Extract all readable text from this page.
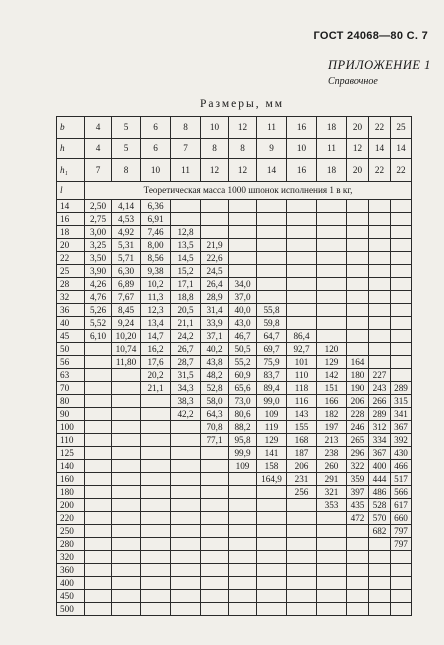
ГОСТ 24068—80 С. 7
ПРИЛОЖЕНИЕ 1
Справочное
Размеры, мм
b	4	5	6	8	10	12	11	16	18	20	22	25
h	4	5	6	7	8	8	9	10	11	12	14	14
h₁	7	8	10	11	12	12	14	16	18	20	22	22
l	Теоретическая масса 1000 шпонок исполнения 1 в кг,											
14	2,50	4,14	6,36									
16	2,75	4,53	6,91									
18	3,00	4,92	7,46	12,8								
20	3,25	5,31	8,00	13,5	21,9							
22	3,50	5,71	8,56	14,5	22,6							
25	3,90	6,30	9,38	15,2	24,5							
28	4,26	6,89	10,2	17,1	26,4	34,0						
32	4,76	7,67	11,3	18,8	28,9	37,0						
36	5,26	8,45	12,3	20,5	31,4	40,0	55,8					
40	5,52	9,24	13,4	21,1	33,9	43,0	59,8					
45	6,10	10,20	14,7	24,2	37,1	46,7	64,7	86,4				
50		10,74	16,2	26,7	40,2	50,5	69,7	92,7	120			
56		11,80	17,6	28,7	43,8	55,2	75,9	101	129	164		
63			20,2	31,5	48,2	60,9	83,7	110	142	180	227	
70			21,1	34,3	52,8	65,6	89,4	118	151	190	243	289
80				38,3	58,0	73,0	99,0	116	166	206	266	315
90				42,2	64,3	80,6	109	143	182	228	289	341
100					70,8	88,2	119	155	197	246	312	367
110					77,1	95,8	129	168	213	265	334	392
125						99,9	141	187	238	296	367	430
140						109	158	206	260	322	400	466
160							164,9	231	291	359	444	517
180								256	321	397	486	566
200									353	435	528	617
220										472	570	660
250											682	797
280												797
320												
360												
400												
450												
500												
